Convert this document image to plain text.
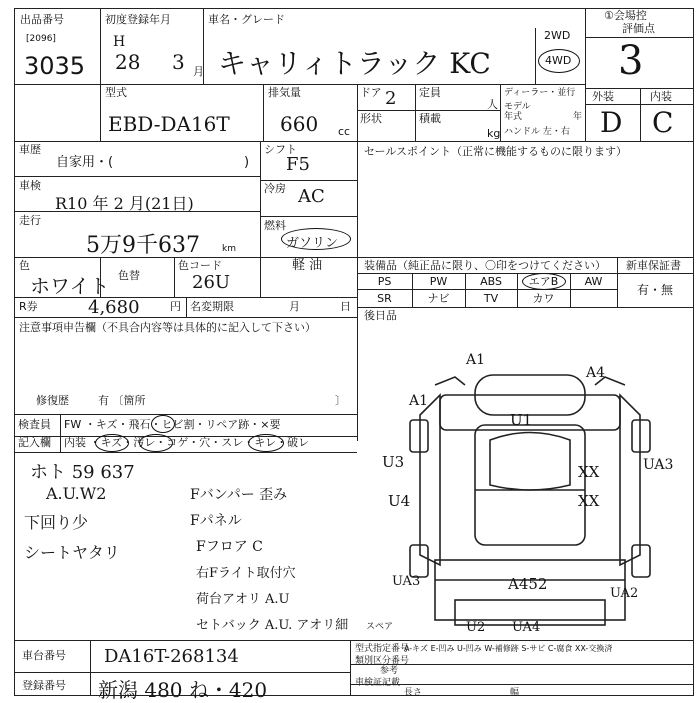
出品番号
[2096]
3035
初度登録年月
H
28 3 月
車名・グレード
キャリィトラック KC
2WD
4WD
①会場控
評価点
3
型式
EBD-DA16T
排気量
660 cc
ドア 2
形状
定員
人
積載
kg
ディーラー・並行
モデル
年式	年
ハンドル 左・右
外装	内装
D C
車歴
自家用・(	)
車検
R10 年 2 月(21日)
走行
5万9千637 km
色
ホワイト 色替
色コード
26U
シフト
F5
冷房 AC
燃料
ガソリン
軽 油
R券	4,680	円 名変期限	月	日
注意事項申告欄（不具合内容等は具体的に記入して下さい）
修復歴	有 〔箇所	〕
セールスポイント（正常に機能するものに限ります）
装備品（純正品に限り、〇印をつけてください） 新車保証書
PS	PW	ABS	エアB	AW
SR	ナビ	TV	カワ
有・無
後日品
検査員
記入欄
FW ・キズ・飛石・ヒビ割・リペア跡・×要
内装 ・キズ・汚レ・コゲ・穴・スレ・キレ・破レ
ホト 59 637
A.U.W2
下回り少
シートヤタリ
Fバンパー 歪み
Fパネル
Fフロア C
右Fライト取付穴
荷台アオリ A.U
セトバック A.U. アオリ細
A1
A1
U1
U3
U4
XX
XX
UA3
A4
UA3	A452
UA2
U2 UA4
スペア
車台番号 DA16T-268134
登録番号 新潟 480 ね・420
型式指定番号
A-キズ E-凹み U-凹み W-補修跡 S-サビ C-腐食 XX-交換済
類別区分番号
参考
車検証記載
長さ	幅
